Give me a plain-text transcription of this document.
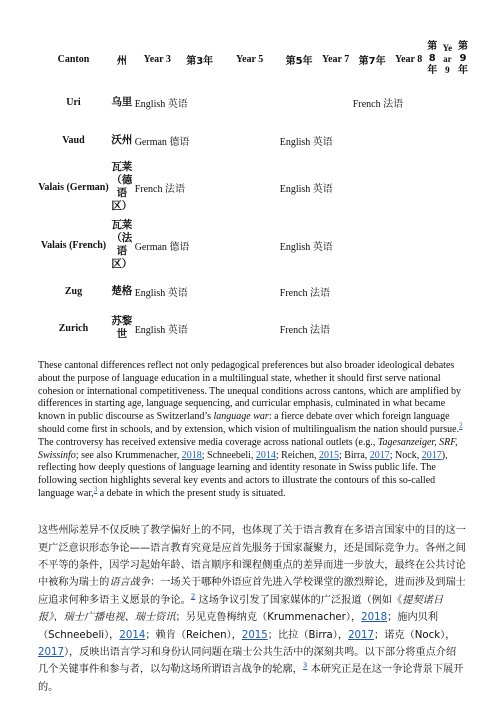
Canton	州	Year 3	第3年	Year 5	第5年	Year 7	第7年	Year 8	第8年	Year 9	第9年
Uri	乌里	English 英语					French 法语				
Vaud	沃州	German 德语			English 英语						
Valais (German)	瓦莱（德语区）	French 法语			English 英语						
Valais (French)	瓦莱（法语区）	German 德语			English 英语						
Zug	楚格	English 英语			French 法语						
Zurich	苏黎世	English 英语			French 法语						

These cantonal differences reflect not only pedagogical preferences but also broader ideological debates about the purpose of language education in a multilingual state, whether it should first serve national cohesion or international competitiveness. The unequal conditions across cantons, which are amplified by differences in starting age, language sequencing, and curricular emphasis, culminated in what became known in public discourse as Switzerland’s language war: a fierce debate over which foreign language should come first in schools, and by extension, which vision of multilingualism the nation should pursue.$^2$ The controversy has received extensive media coverage across national outlets (e.g., Tagesanzeiger, SRF, Swissinfo; see also Krummenacher, 2018; Schneebeli, 2014; Reichen, 2015; Birra, 2017; Nock, 2017), reflecting how deeply questions of language learning and identity resonate in Swiss public life. The following section highlights several key events and actors to illustrate the contours of this so-called language war,$^3$ a debate in which the present study is situated.

这些州际差异不仅反映了教学偏好上的不同，也体现了关于语言教育在多语言国家中的目的这一更广泛意识形态争论——语言教育究竟是应首先服务于国家凝聚力，还是国际竞争力。各州之间不平等的条件，因学习起始年龄、语言顺序和课程侧重点的差异而进一步放大，最终在公共讨论中被称为瑞士的语言战争：一场关于哪种外语应首先进入学校课堂的激烈辩论，进而涉及到瑞士应追求何种多语主义愿景的争论。$^2$ 这场争议引发了国家媒体的广泛报道（例如《提契诺日报》、瑞士广播电视、瑞士资讯；另见克鲁梅纳克（Krummenacher），2018；施内贝利（Schneebeli），2014；赖肯（Reichen），2015；比拉（Birra），2017；诺克（Nock），2017），反映出语言学习和身份认同问题在瑞士公共生活中的深刻共鸣。以下部分将重点介绍几个关键事件和参与者，以勾勒这场所谓语言战争的轮廓，$^3$ 本研究正是在这一争论背景下展开的。
